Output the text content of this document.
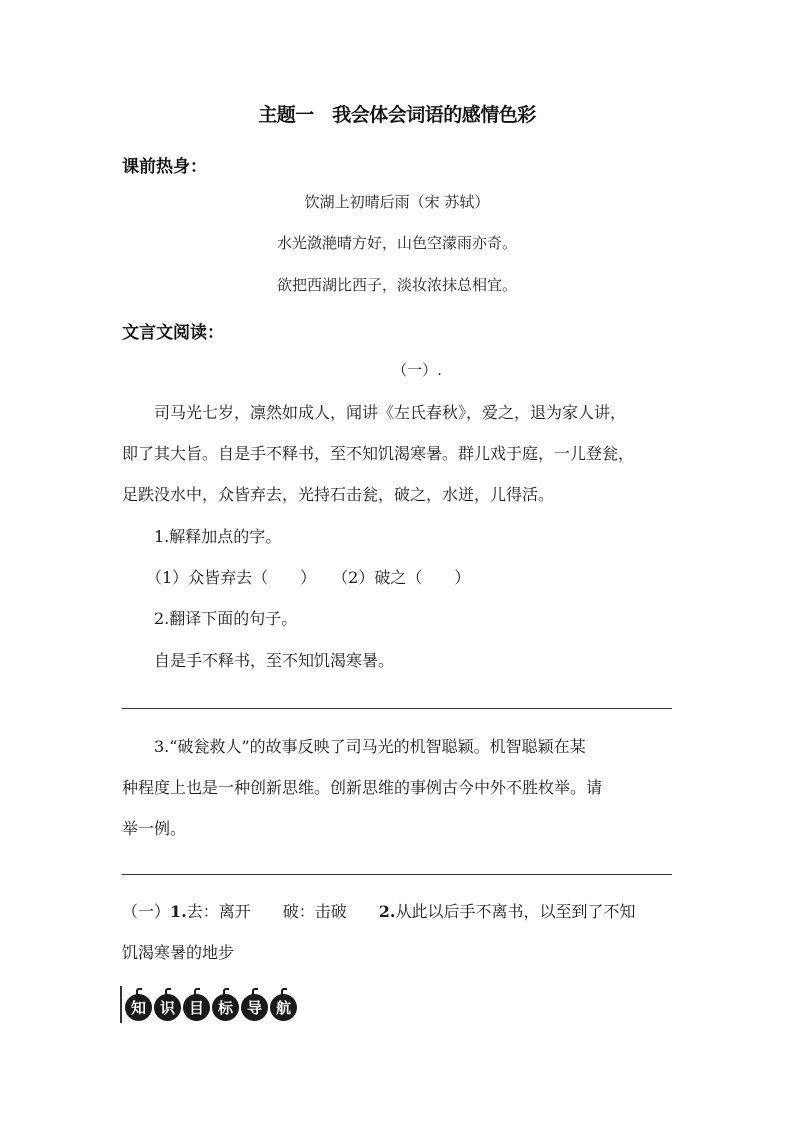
主题一　我会体会词语的感情色彩
课前热身：
饮湖上初晴后雨（宋 苏轼）
水光潋滟晴方好，山色空濛雨亦奇。
欲把西湖比西子，淡妆浓抹总相宜。
文言文阅读：
（一）.
　　司马光七岁，凛然如成人，闻讲《左氏春秋》，爱之，退为家人讲，
即了其大旨。自是手不释书，至不知饥渴寒暑。群儿戏于庭，一儿登瓮，
足跌没水中，众皆弃去，光持石击瓮，破之，水迸，儿得活。
　　1.解释加点的字。
　　（1）众皆弃去（　　）　　（2）破之（　　）
　　2.翻译下面的句子。
　　自是手不释书，至不知饥渴寒暑。
　　3.“破瓮救人”的故事反映了司马光的机智聪颖。机智聪颖在某
种程度上也是一种创新思维。创新思维的事例古今中外不胜枚举。请
举一例。
（一）1.去：离开　　破：击破　　2.从此以后手不离书，以至到了不知
饥渴寒暑的地步
知 识 目 标 导 航
